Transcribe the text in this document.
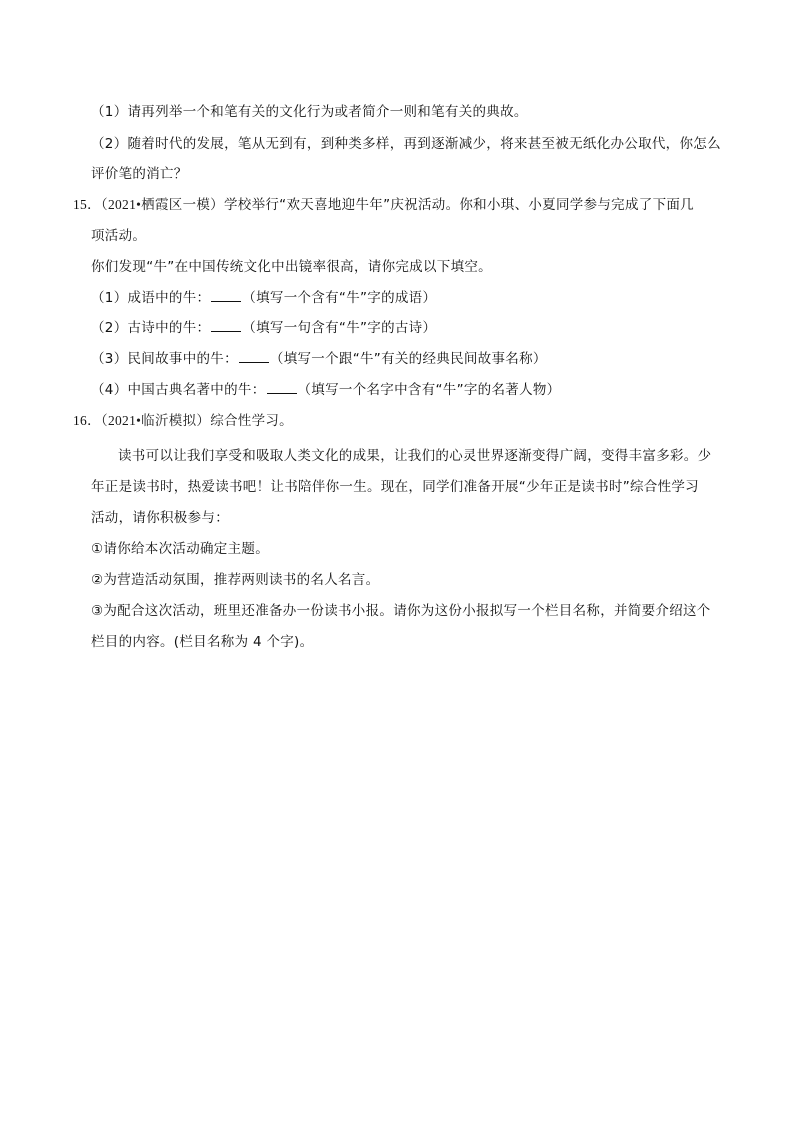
（1）请再列举一个和笔有关的文化行为或者简介一则和笔有关的典故。
（2）随着时代的发展，笔从无到有，到种类多样，再到逐渐减少，将来甚至被无纸化办公取代，你怎么
评价笔的消亡？
15．（2021•栖霞区一模）学校举行“欢天喜地迎牛年”庆祝活动。你和小琪、小夏同学参与完成了下面几
项活动。
你们发现“牛”在中国传统文化中出镜率很高，请你完成以下填空。
（1）成语中的牛： （填写一个含有“牛”字的成语）
（2）古诗中的牛： （填写一句含有“牛”字的古诗）
（3）民间故事中的牛： （填写一个跟“牛”有关的经典民间故事名称）
（4）中国古典名著中的牛： （填写一个名字中含有“牛”字的名著人物）
16．（2021•临沂模拟）综合性学习。
读书可以让我们享受和吸取人类文化的成果，让我们的心灵世界逐渐变得广阔，变得丰富多彩。少
年正是读书时，热爱读书吧！让书陪伴你一生。现在，同学们准备开展“少年正是读书时”综合性学习
活动，请你积极参与：
①请你给本次活动确定主题。
②为营造活动氛围，推荐两则读书的名人名言。
③为配合这次活动，班里还准备办一份读书小报。请你为这份小报拟写一个栏目名称，并简要介绍这个
栏目的内容。(栏目名称为 4 个字)。
